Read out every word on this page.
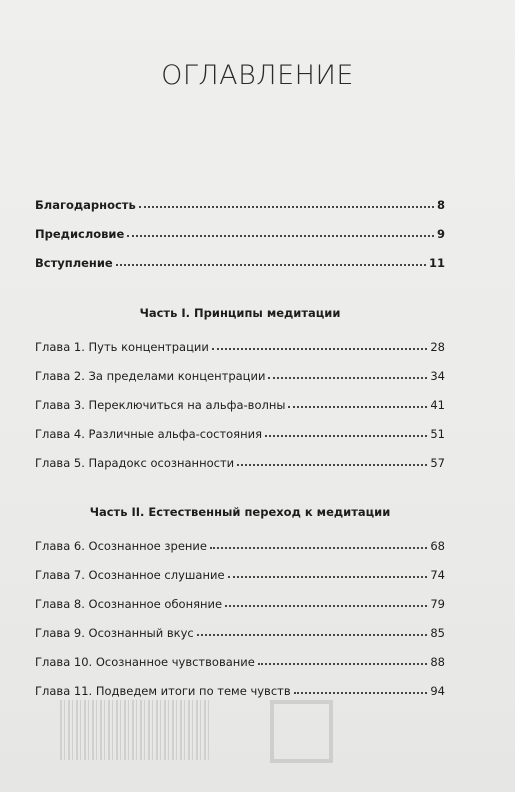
ОГЛАВЛЕНИЕ
Благодарность	8
Предисловие	9
Вступление	11
Часть I. Принципы медитации
Глава 1. Путь концентрации	28
Глава 2. За пределами концентрации	34
Глава 3. Переключиться на альфа-волны	41
Глава 4. Различные альфа-состояния	51
Глава 5. Парадокс осознанности	57
Часть II. Естественный переход к медитации
Глава 6. Осознанное зрение	68
Глава 7. Осознанное слушание	74
Глава 8. Осознанное обоняние	79
Глава 9. Осознанный вкус	85
Глава 10. Осознанное чувствование	88
Глава 11. Подведем итоги по теме чувств	94
